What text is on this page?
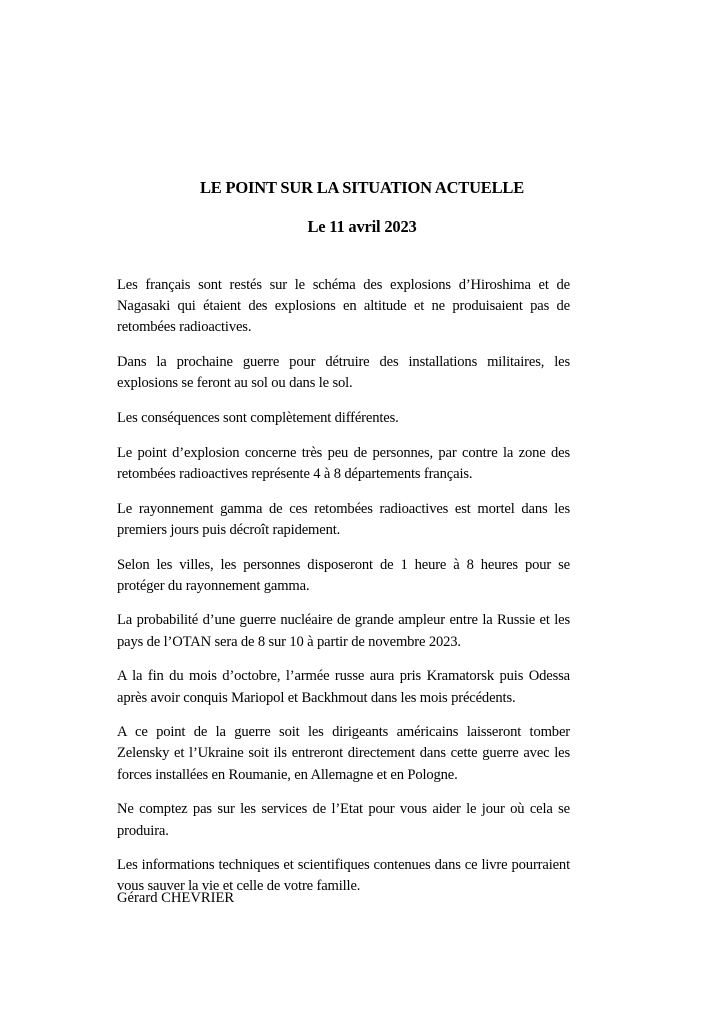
LE POINT SUR LA SITUATION ACTUELLE
Le 11 avril 2023

Les français sont restés sur le schéma des explosions d’Hiroshima et de Nagasaki qui étaient des explosions en altitude et ne produisaient pas de retombées radioactives.

Dans la prochaine guerre pour détruire des installations militaires, les explosions se feront au sol ou dans le sol.

Les conséquences sont complètement différentes.

Le point d’explosion concerne très peu de personnes, par contre la zone des retombées radioactives représente 4 à 8 départements français.

Le rayonnement gamma de ces retombées radioactives est mortel dans les premiers jours puis décroît rapidement.

Selon les villes, les personnes disposeront de 1 heure à 8 heures pour se protéger du rayonnement gamma.

La probabilité d’une guerre nucléaire de grande ampleur entre la Russie et les pays de l’OTAN sera de 8 sur 10 à partir de novembre 2023.

A la fin du mois d’octobre, l’armée russe aura pris Kramatorsk puis Odessa après avoir conquis Mariopol et Backhmout dans les mois précédents.

A ce point de la guerre soit les dirigeants américains laisseront tomber Zelensky et l’Ukraine soit ils entreront directement dans cette guerre avec les forces installées en Roumanie, en Allemagne et en Pologne.

Ne comptez pas sur les services de l’Etat pour vous aider le jour où cela se produira.

Les informations techniques et scientifiques contenues dans ce livre pourraient vous sauver la vie et celle de votre famille.

Gérard CHEVRIER
